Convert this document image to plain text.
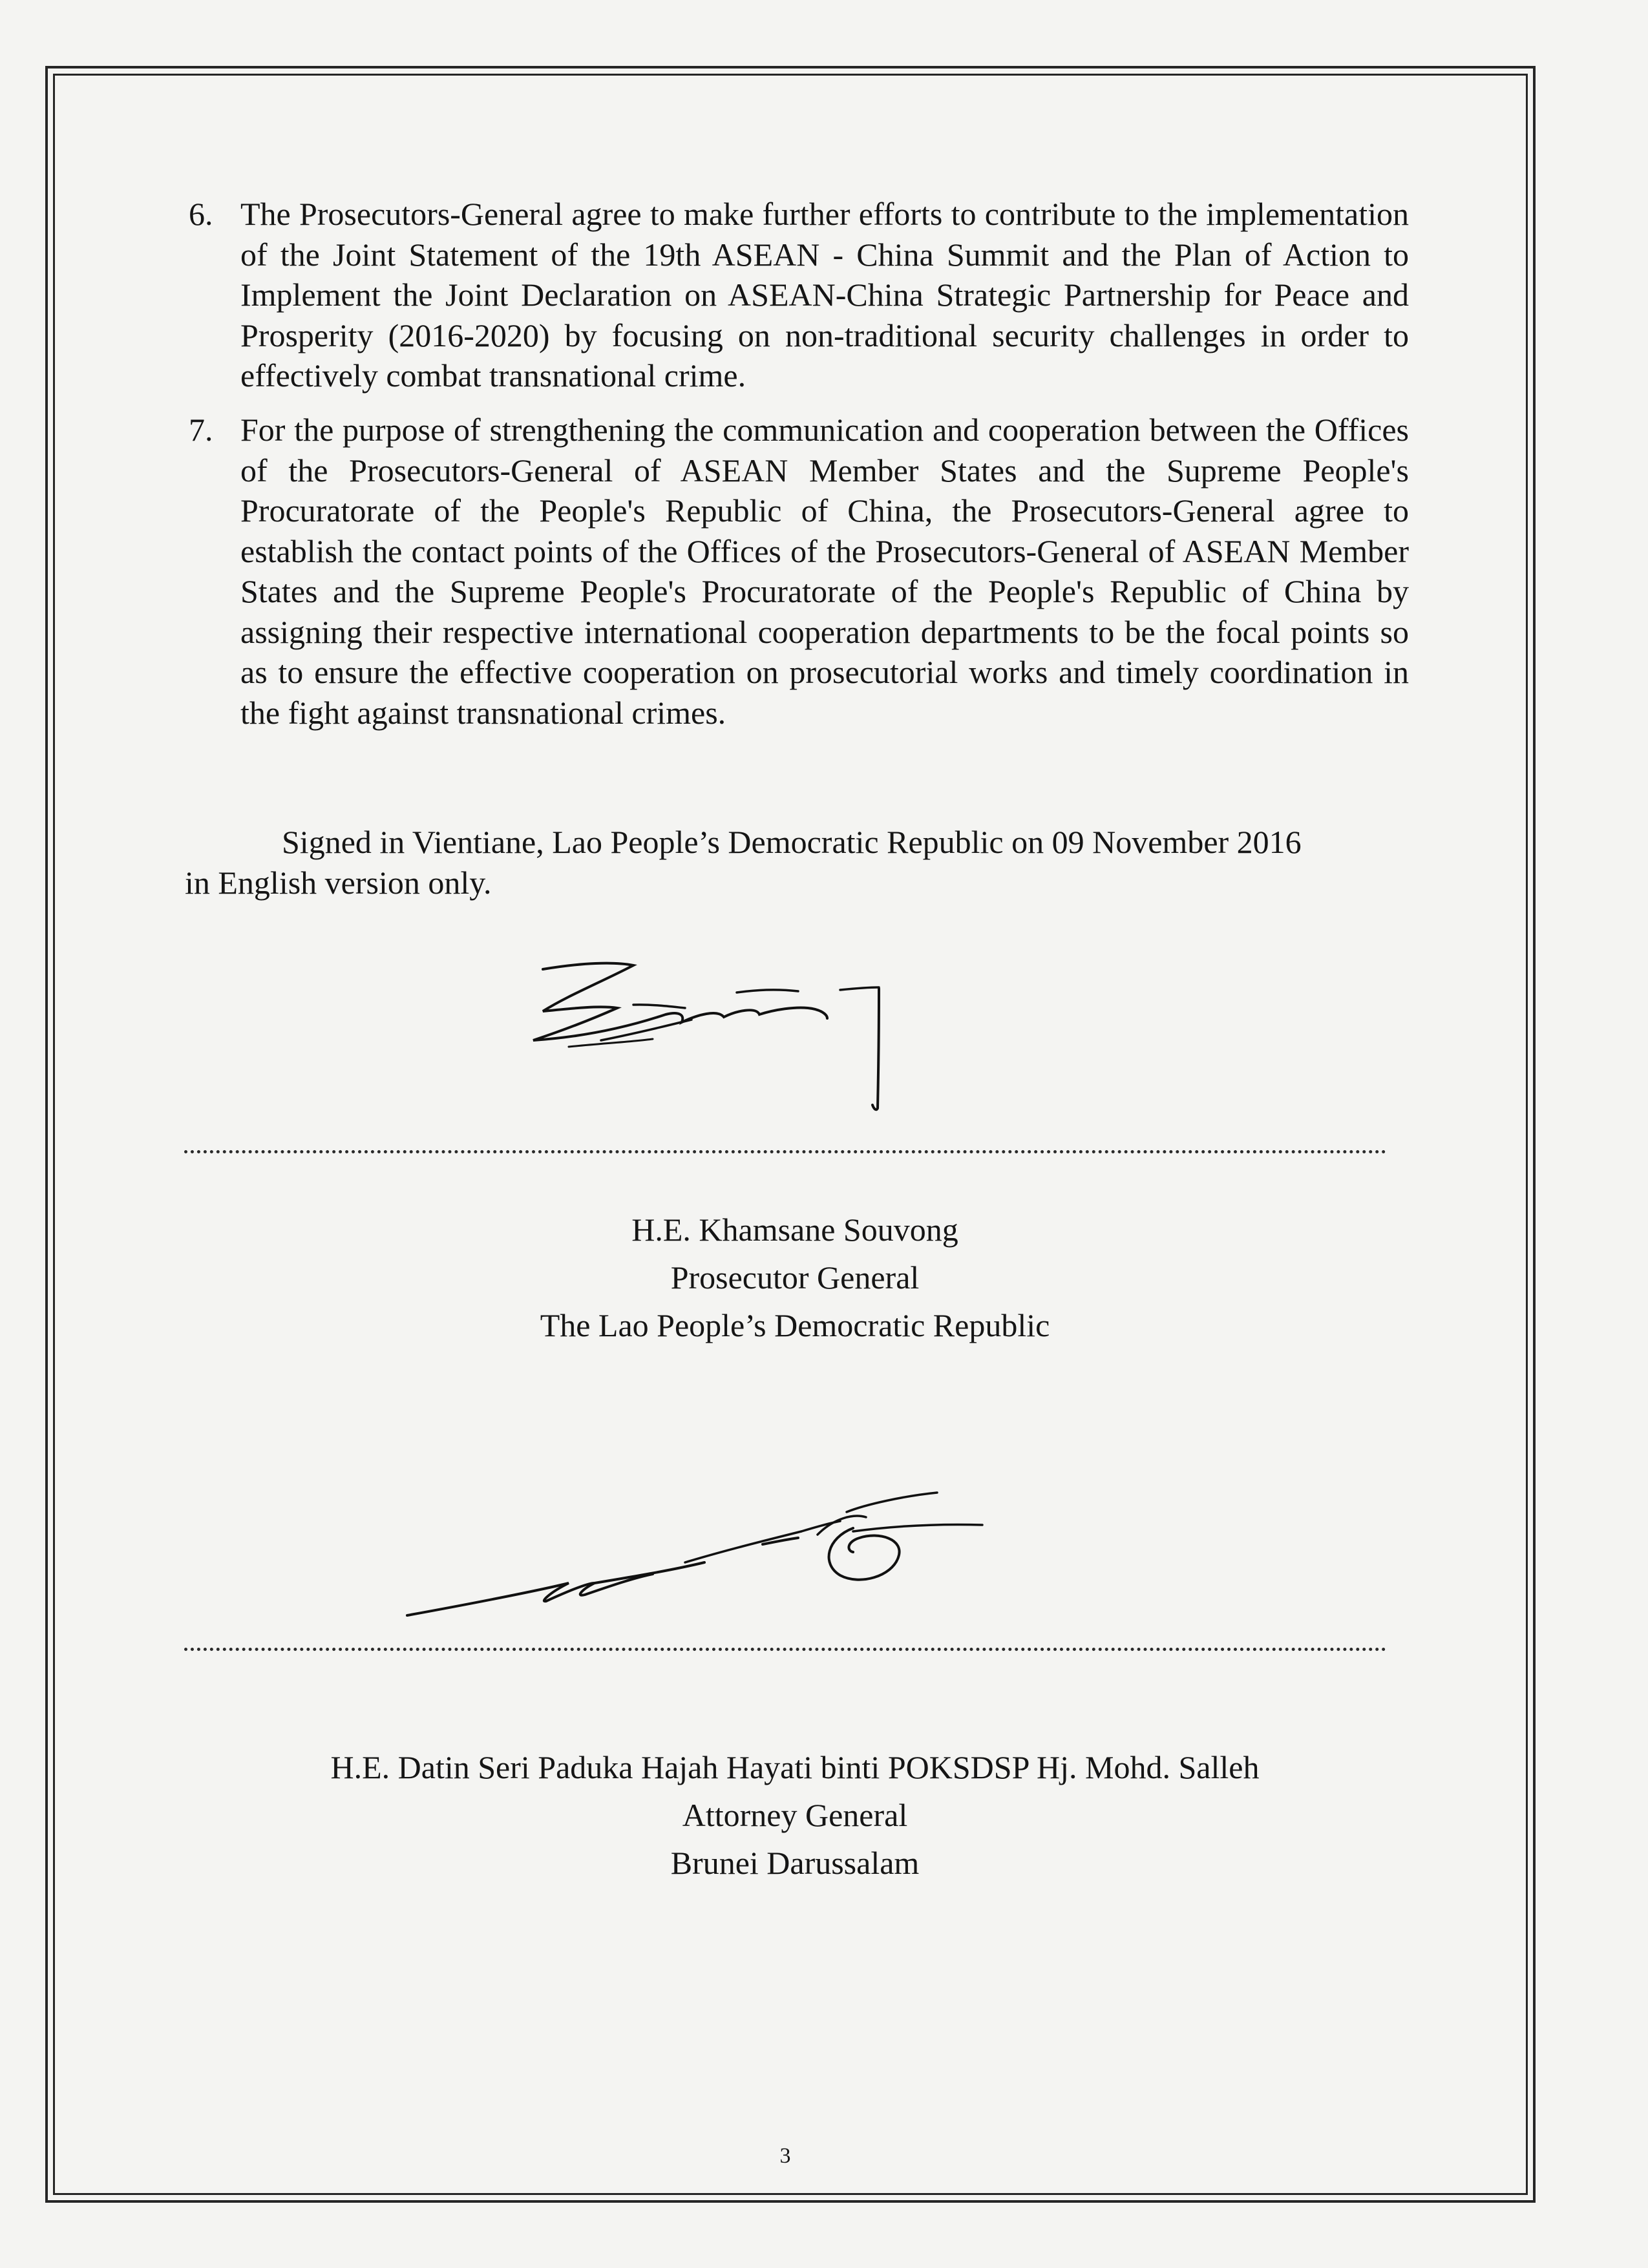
6. The Prosecutors-General agree to make further efforts to contribute to the implementation of the Joint Statement of the 19th ASEAN - China Summit and the Plan of Action to Implement the Joint Declaration on ASEAN-China Strategic Partnership for Peace and Prosperity (2016-2020) by focusing on non-traditional security challenges in order to effectively combat transnational crime.

7. For the purpose of strengthening the communication and cooperation between the Offices of the Prosecutors-General of ASEAN Member States and the Supreme People's Procuratorate of the People's Republic of China, the Prosecutors-General agree to establish the contact points of the Offices of the Prosecutors-General of ASEAN Member States and the Supreme People's Procuratorate of the People's Republic of China by assigning their respective international cooperation departments to be the focal points so as to ensure the effective cooperation on prosecutorial works and timely coordination in the fight against transnational crimes.

Signed in Vientiane, Lao People’s Democratic Republic on 09 November 2016
in English version only.

H.E. Khamsane Souvong
Prosecutor General
The Lao People’s Democratic Republic
H.E. Datin Seri Paduka Hajah Hayati binti POKSDSP Hj. Mohd. Salleh
Attorney General
Brunei Darussalam
3
